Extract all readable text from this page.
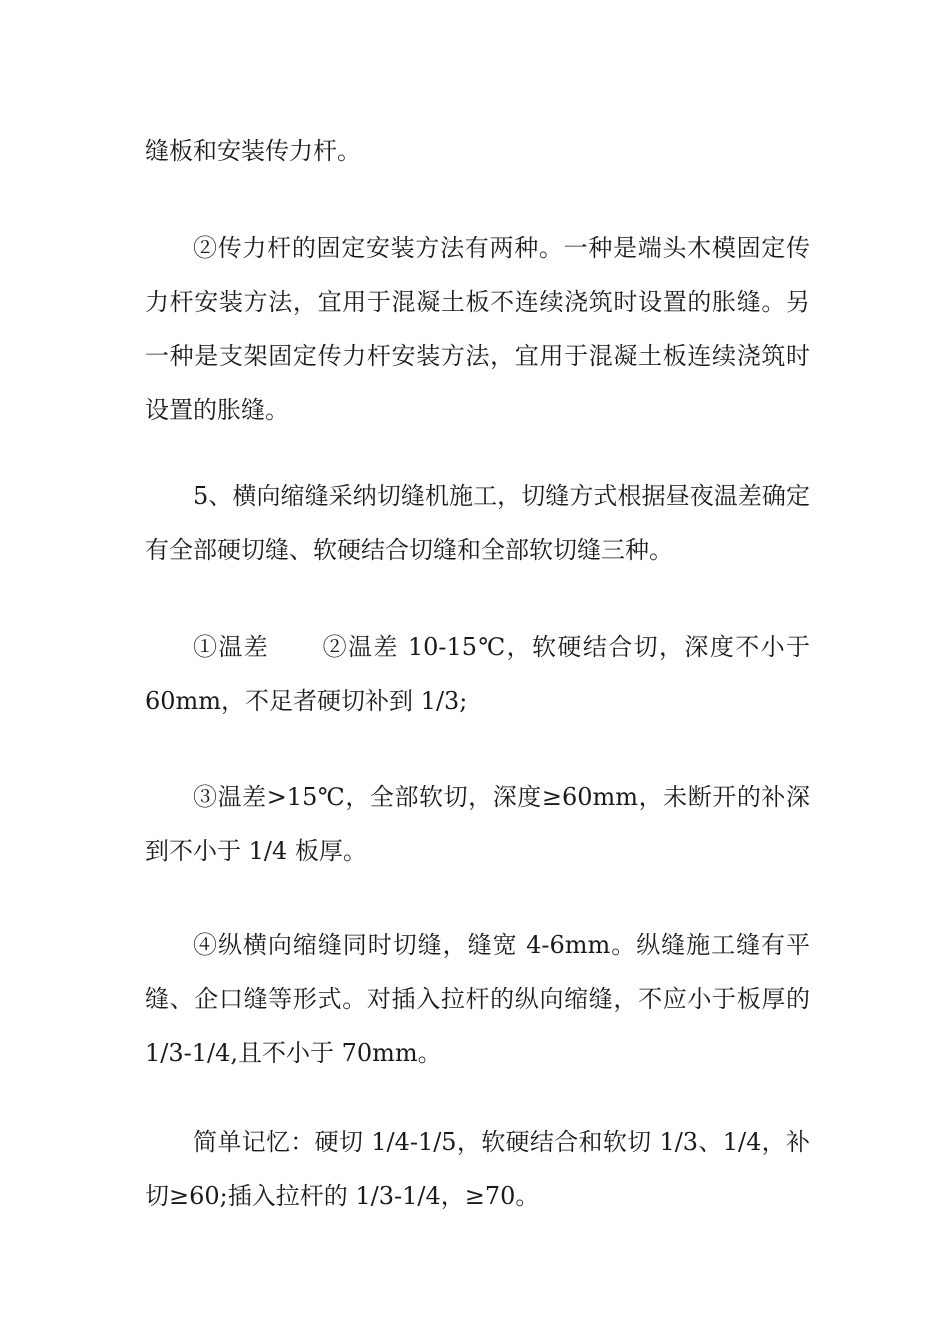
缝板和安装传力杆。

②传力杆的固定安装方法有两种。一种是端头木模固定传力杆安装方法，宜用于混凝土板不连续浇筑时设置的胀缝。另一种是支架固定传力杆安装方法，宜用于混凝土板连续浇筑时设置的胀缝。

5、横向缩缝采纳切缝机施工，切缝方式根据昼夜温差确定有全部硬切缝、软硬结合切缝和全部软切缝三种。

①温差 ②温差 10-15℃，软硬结合切，深度不小于 60mm，不足者硬切补到 1/3;

③温差>15℃，全部软切，深度≥60mm，未断开的补深到不小于 1/4 板厚。

④纵横向缩缝同时切缝，缝宽 4-6mm。纵缝施工缝有平缝、企口缝等形式。对插入拉杆的纵向缩缝，不应小于板厚的 1/3-1/4,且不小于 70mm。

简单记忆：硬切 1/4-1/5，软硬结合和软切 1/3、1/4，补切≥60;插入拉杆的 1/3-1/4，≥70。
